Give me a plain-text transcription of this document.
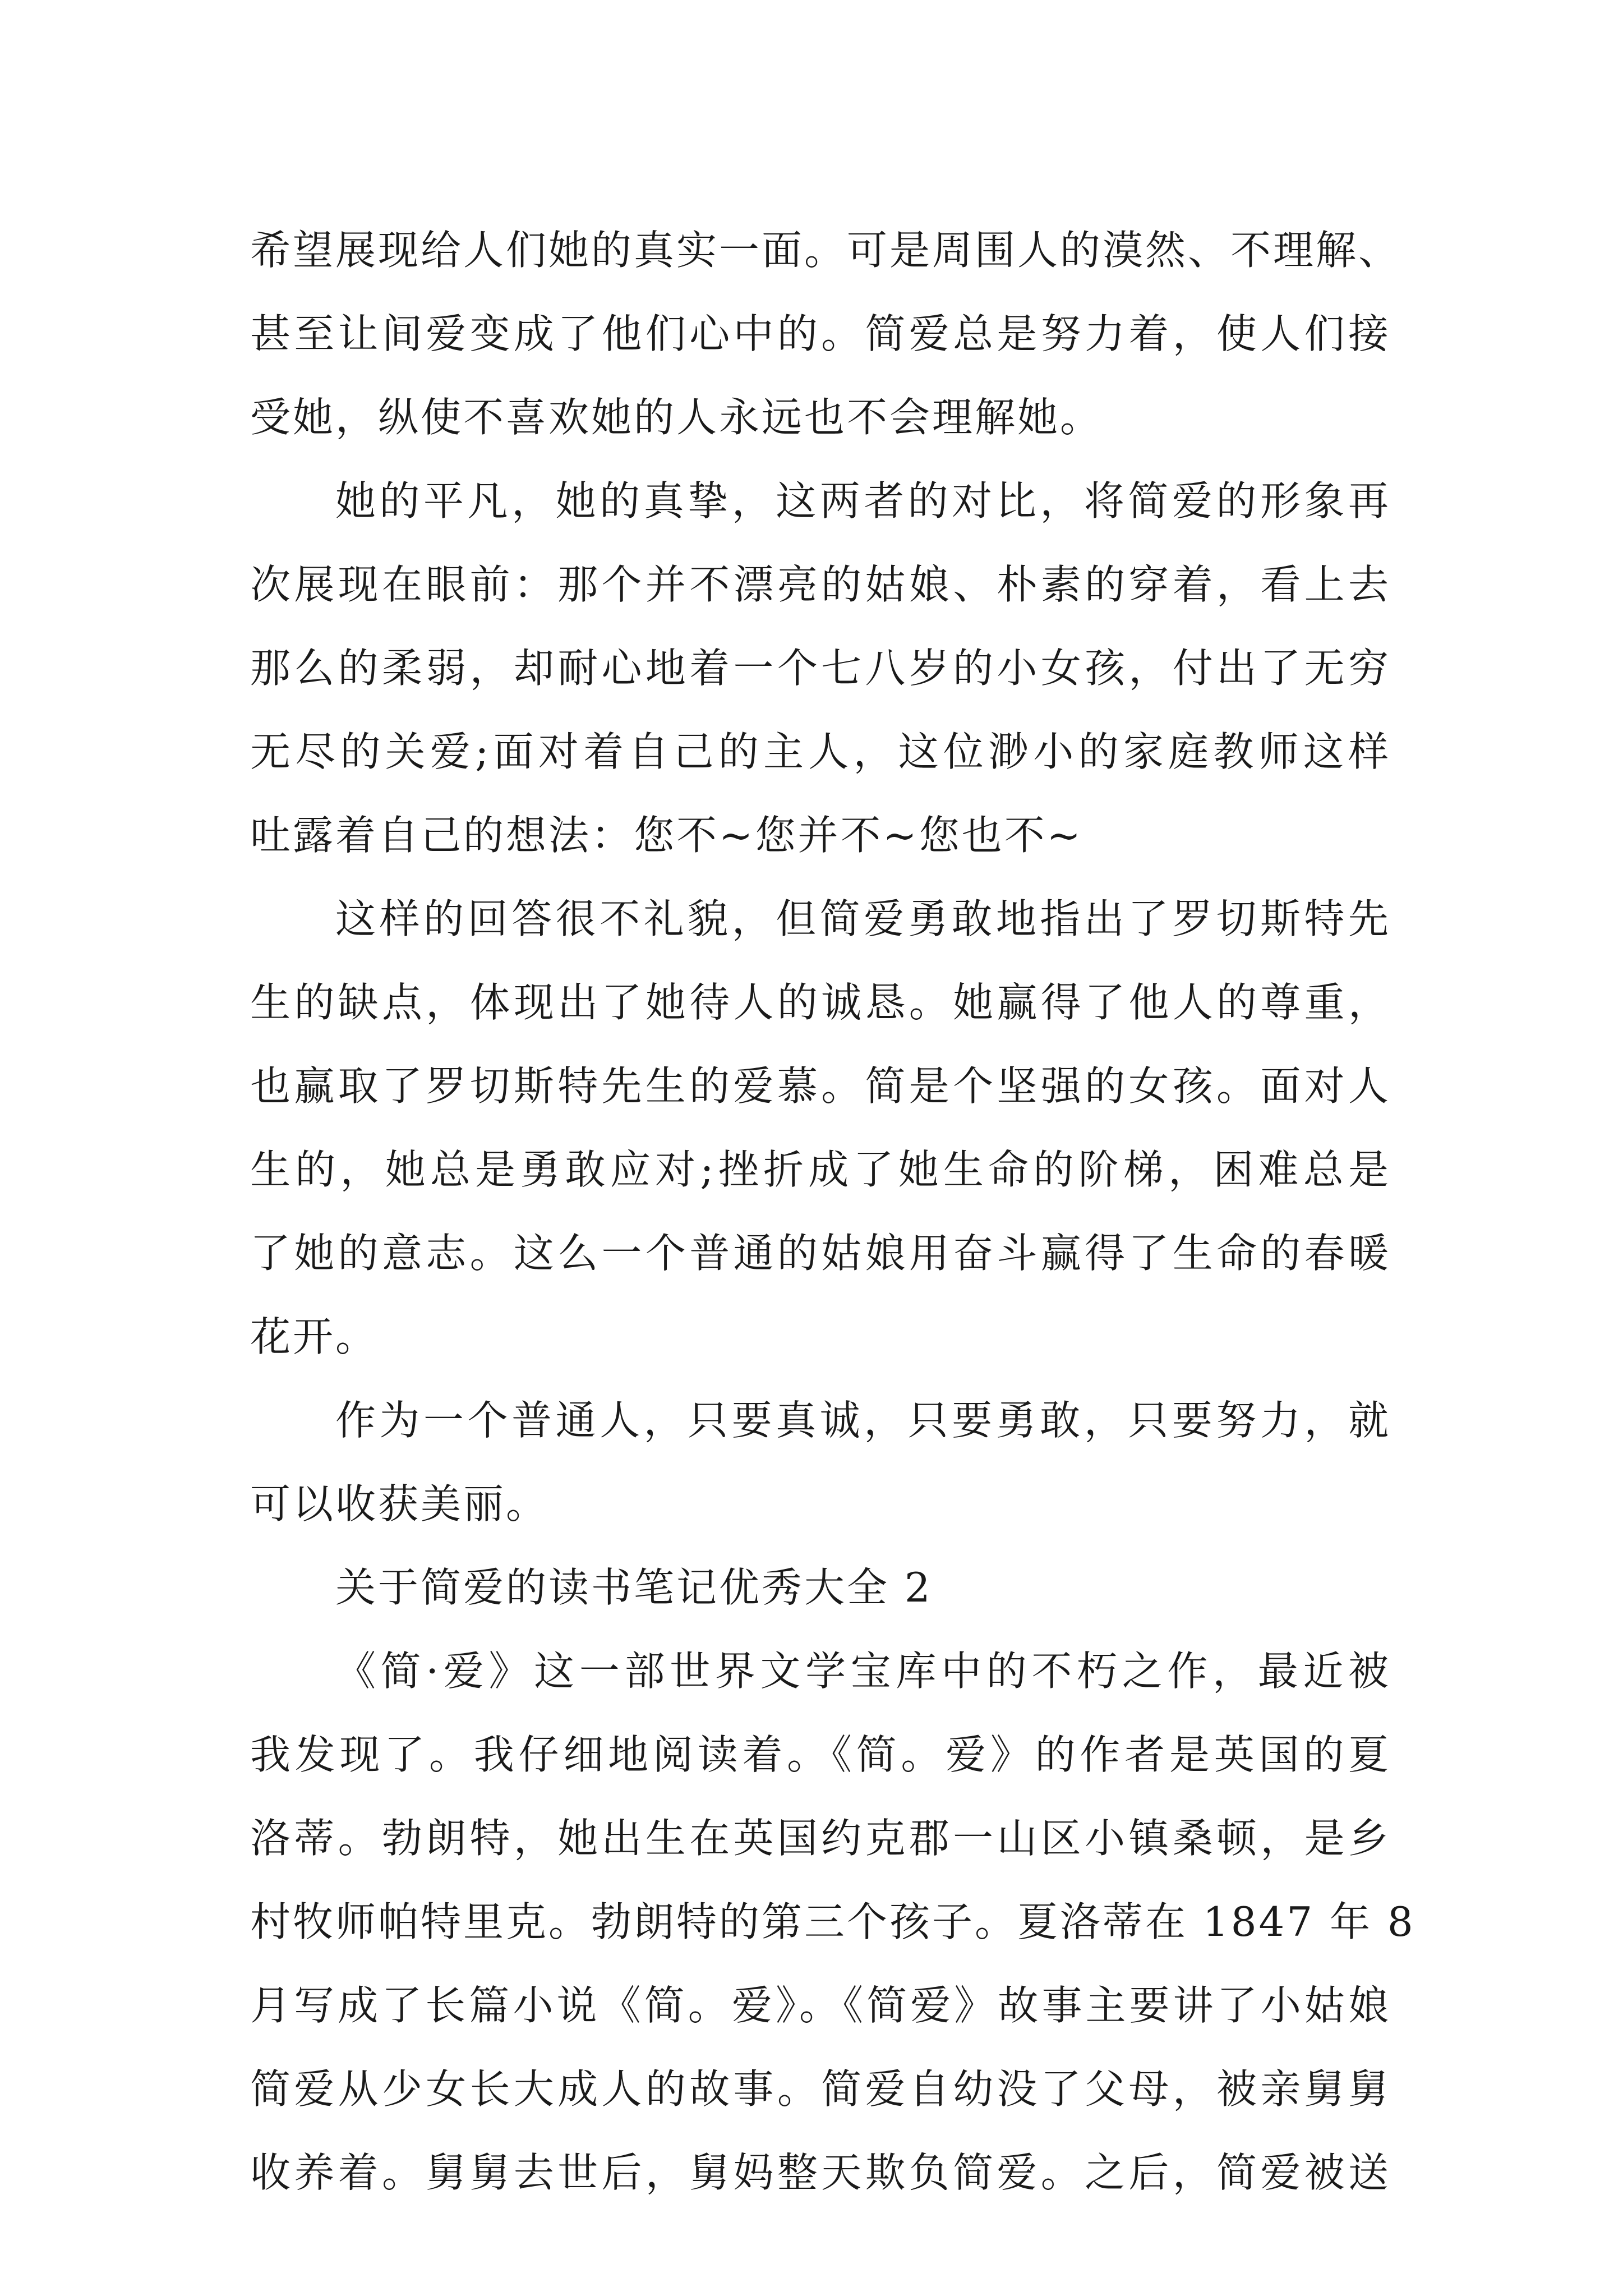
希望展现给人们她的真实一面。可是周围人的漠然、不理解、
甚至让间爱变成了他们心中的。简爱总是努力着，使人们接
受她，纵使不喜欢她的人永远也不会理解她。
她的平凡，她的真挚，这两者的对比，将简爱的形象再
次展现在眼前：那个并不漂亮的姑娘、朴素的穿着，看上去
那么的柔弱，却耐心地着一个七八岁的小女孩，付出了无穷
无尽的关爱;面对着自己的主人，这位渺小的家庭教师这样
吐露着自己的想法：您不~您并不~您也不~
这样的回答很不礼貌，但简爱勇敢地指出了罗切斯特先
生的缺点，体现出了她待人的诚恳。她赢得了他人的尊重，
也赢取了罗切斯特先生的爱慕。简是个坚强的女孩。面对人
生的，她总是勇敢应对;挫折成了她生命的阶梯，困难总是
了她的意志。这么一个普通的姑娘用奋斗赢得了生命的春暖
花开。
作为一个普通人，只要真诚，只要勇敢，只要努力，就
可以收获美丽。
关于简爱的读书笔记优秀大全 2
《简·爱》这一部世界文学宝库中的不朽之作，最近被
我发现了。我仔细地阅读着。《简。爱》的作者是英国的夏
洛蒂。勃朗特，她出生在英国约克郡一山区小镇桑顿，是乡
村牧师帕特里克。勃朗特的第三个孩子。夏洛蒂在 1847 年 8
月写成了长篇小说《简。爱》。《简爱》故事主要讲了小姑娘
简爱从少女长大成人的故事。简爱自幼没了父母，被亲舅舅
收养着。舅舅去世后，舅妈整天欺负简爱。之后，简爱被送
